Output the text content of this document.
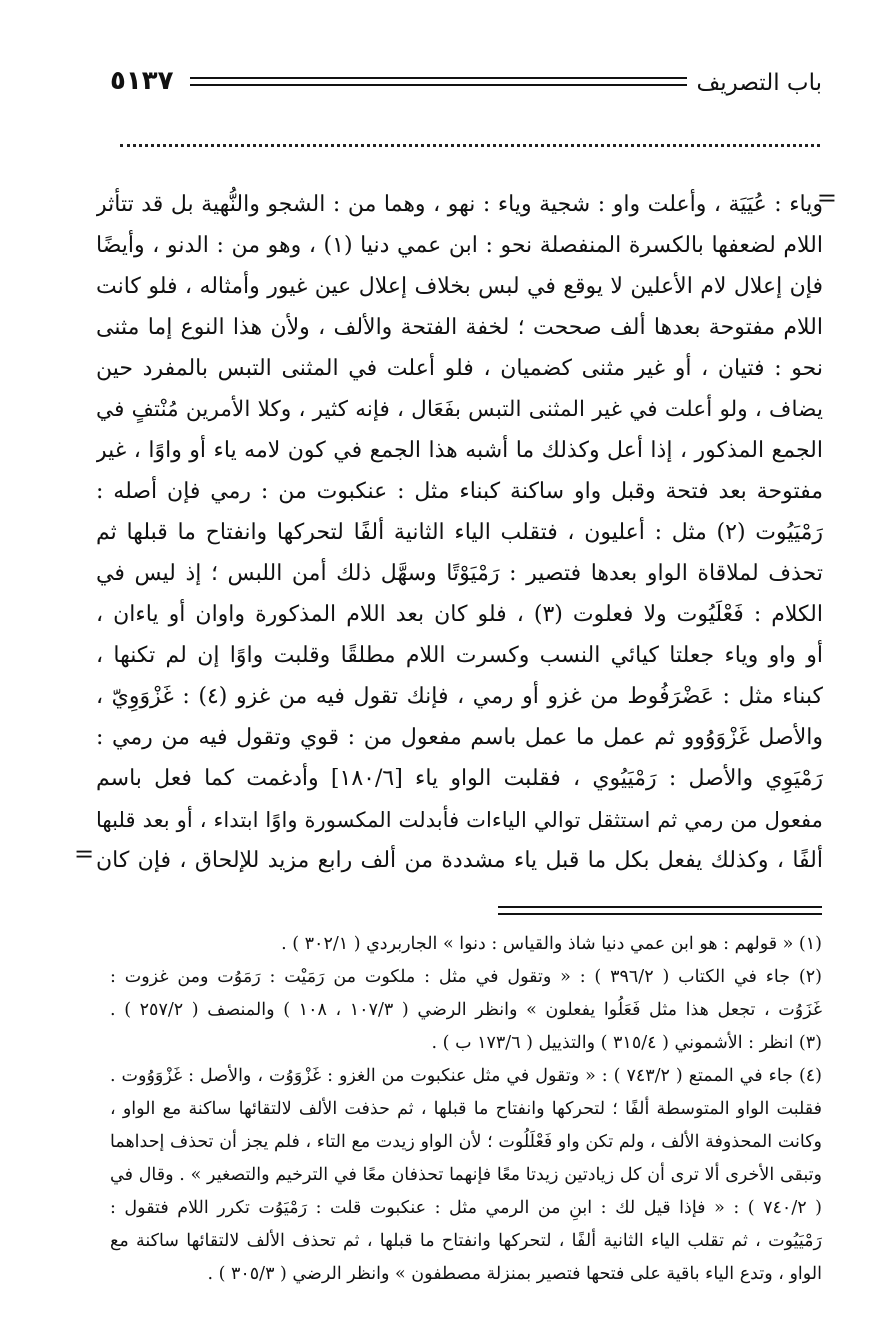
باب التصريف
٥١٣٧
=
وياء : عُيَيَة ، وأعلت واو : شجية وياء : نهو ، وهما من : الشجو والنُّهية بل قد تتأثر
اللام لضعفها بالكسرة المنفصلة نحو : ابن عمي دنيا (١) ، وهو من : الدنو ، وأيضًا
فإن إعلال لام الأعلين لا يوقع في لبس بخلاف إعلال عين غيور وأمثاله ، فلو كانت
اللام مفتوحة بعدها ألف صححت ؛ لخفة الفتحة والألف ، ولأن هذا النوع إما مثنى
نحو : فتيان ، أو غير مثنى كضميان ، فلو أعلت في المثنى التبس بالمفرد حين
يضاف ، ولو أعلت في غير المثنى التبس بفَعَال ، فإنه كثير ، وكلا الأمرين مُنْتفٍ في
الجمع المذكور ، إذا أعل وكذلك ما أشبه هذا الجمع في كون لامه ياء أو واوًا ، غير
مفتوحة بعد فتحة وقبل واو ساكنة كبناء مثل : عنكبوت من : رمي فإن أصله :
رَمْيَيُوت (٢) مثل : أعليون ، فتقلب الياء الثانية ألفًا لتحركها وانفتاح ما قبلها ثم
تحذف لملاقاة الواو بعدها فتصير : رَمْيَوْتًا وسهَّل ذلك أمن اللبس ؛ إذ ليس في
الكلام : فَعْلَيُوت ولا فعلوت (٣) ، فلو كان بعد اللام المذكورة واوان أو ياءان ،
أو واو وياء جعلتا كيائي النسب وكسرت اللام مطلقًا وقلبت واوًا إن لم تكنها ،
كبناء مثل : عَضْرَفُوط من غزو أو رمي ، فإنك تقول فيه من غزو (٤) : غَزْوَوِيّ ،
والأصل غَزْوَوُوو ثم عمل ما عمل باسم مفعول من : قوي وتقول فيه من رمي :
رَمْيَوِي والأصل : رَمْيَيُوي ، فقلبت الواو ياء [١٨٠/٦] وأدغمت كما فعل باسم
مفعول من رمي ثم استثقل توالي الياءات فأبدلت المكسورة واوًا ابتداء ، أو بعد قلبها
ألفًا ، وكذلك يفعل بكل ما قبل ياء مشددة من ألف رابع مزيد للإلحاق ، فإن كان
=
(١) « قولهم : هو ابن عمي دنيا شاذ والقياس : دنوا » الجاربردي ( ٣٠٢/١ ) .
(٢) جاء في الكتاب ( ٣٩٦/٢ ) : « وتقول في مثل : ملكوت من رَمَيْت : رَمَوُت ومن غزوت :
غَزَوُت ، تجعل هذا مثل فَعَلُوا يفعلون » وانظر الرضي ( ١٠٧/٣ ، ١٠٨ ) والمنصف ( ٢٥٧/٢ ) .
(٣) انظر : الأشموني ( ٣١٥/٤ ) والتذييل ( ١٧٣/٦ ب ) .
(٤) جاء في الممتع ( ٧٤٣/٢ ) : « وتقول في مثل عنكبوت من الغزو : غَزْوَوُت ، والأصل : غَزْوَوُوت .
فقلبت الواو المتوسطة ألفًا ؛ لتحركها وانفتاح ما قبلها ، ثم حذفت الألف لالتقائها ساكنة مع الواو ،
وكانت المحذوفة الألف ، ولم تكن واو فَعْلَلُوت ؛ لأن الواو زيدت مع التاء ، فلم يجز أن تحذف إحداهما
وتبقى الأخرى ألا ترى أن كل زيادتين زيدتا معًا فإنهما تحذفان معًا في الترخيم والتصغير » . وقال في
( ٧٤٠/٢ ) : « فإذا قيل لك : ابنِ من الرمي مثل : عنكبوت قلت : رَمْيَوُت تكرر اللام فتقول :
رَمْيَيُوت ، ثم تقلب الياء الثانية ألفًا ، لتحركها وانفتاح ما قبلها ، ثم تحذف الألف لالتقائها ساكنة مع
الواو ، وتدع الياء باقية على فتحها فتصير بمنزلة مصطفون » وانظر الرضي ( ٣٠٥/٣ ) .
